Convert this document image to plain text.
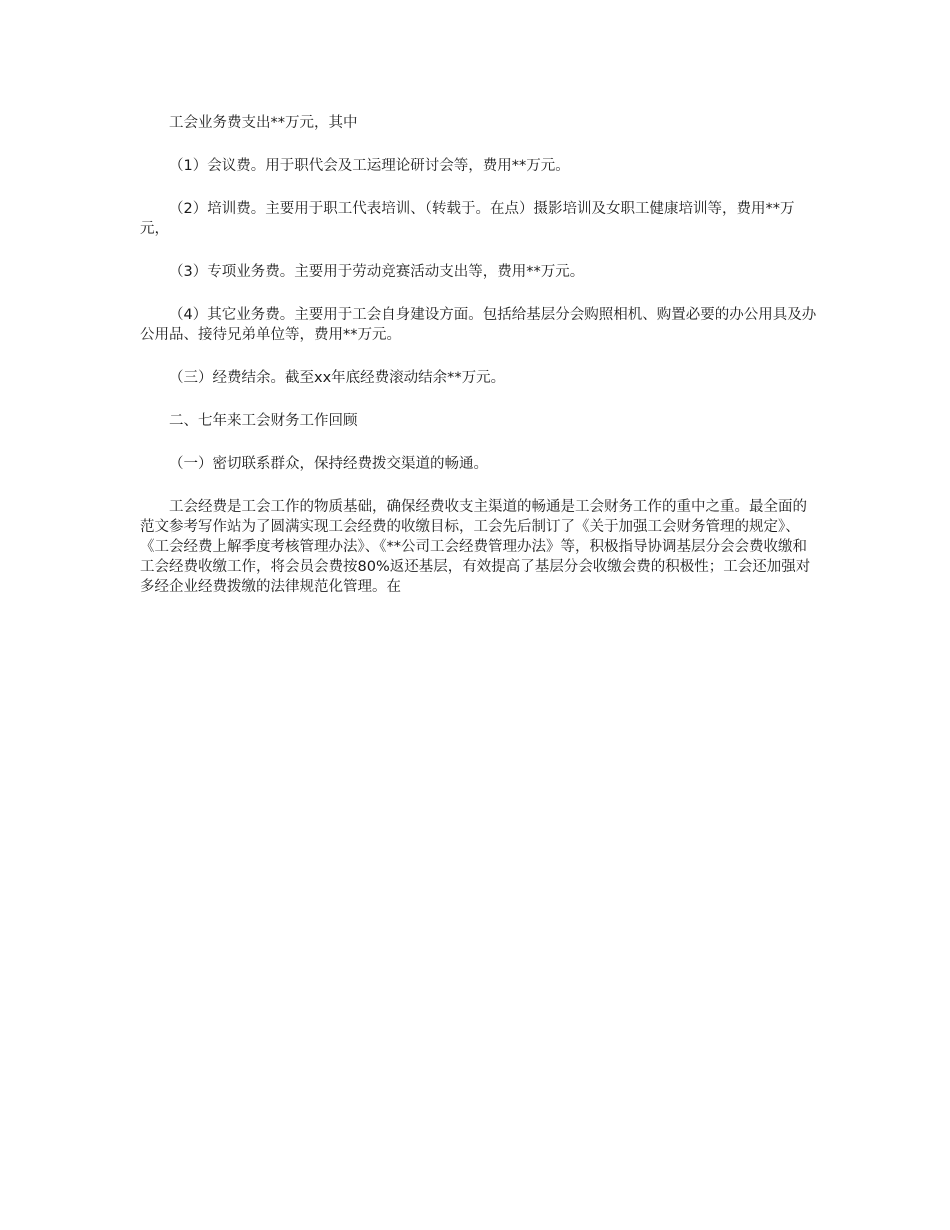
工会业务费支出**万元，其中

（1）会议费。用于职代会及工运理论研讨会等，费用**万元。

（2）培训费。主要用于职工代表培训、（转载于。在点）摄影培训及女职工健康培训等，费用**万元，

（3）专项业务费。主要用于劳动竞赛活动支出等，费用**万元。

（4）其它业务费。主要用于工会自身建设方面。包括给基层分会购照相机、购置必要的办公用具及办公用品、接待兄弟单位等，费用**万元。

（三）经费结余。截至xx年底经费滚动结余**万元。

二、七年来工会财务工作回顾

（一）密切联系群众，保持经费拨交渠道的畅通。

工会经费是工会工作的物质基础，确保经费收支主渠道的畅通是工会财务工作的重中之重。最全面的范文参考写作站为了圆满实现工会经费的收缴目标，工会先后制订了《关于加强工会财务管理的规定》、《工会经费上解季度考核管理办法》、《**公司工会经费管理办法》等，积极指导协调基层分会会费收缴和工会经费收缴工作，将会员会费按80%返还基层，有效提高了基层分会收缴会费的积极性；工会还加强对多经企业经费拨缴的法律规范化管理。在
